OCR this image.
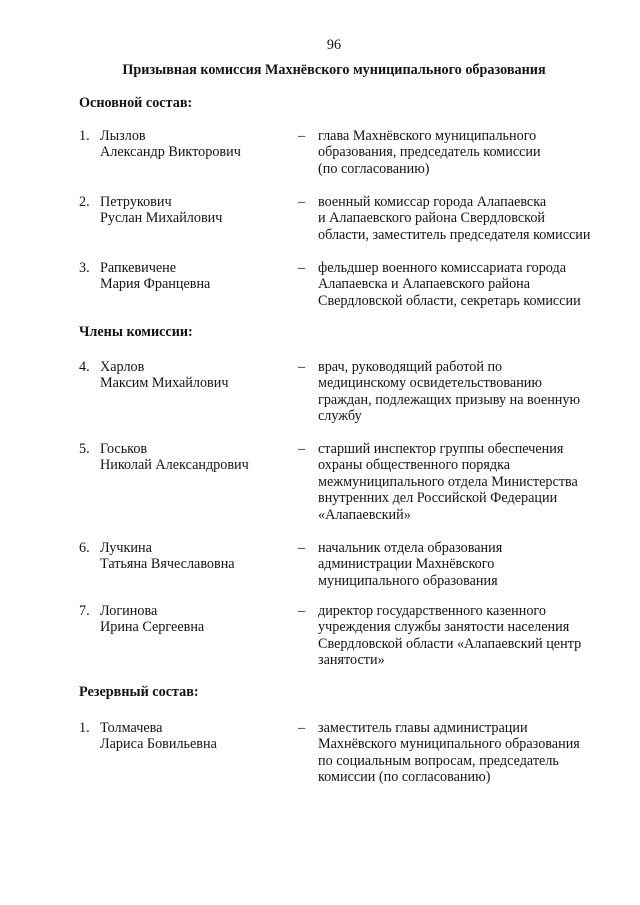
96
Призывная комиссия Махнёвского муниципального образования
Основной состав:
1. Лызлов
Александр Викторович
– глава Махнёвского муниципального
образования, председатель комиссии
(по согласованию)
2. Петрукович
Руслан Михайлович
– военный комиссар города Алапаевска
и Алапаевского района Свердловской
области, заместитель председателя комиссии
3. Рапкевичене
Мария Францевна
– фельдшер военного комиссариата города
Алапаевска и Алапаевского района
Свердловской области, секретарь комиссии
Члены комиссии:
4. Харлов
Максим Михайлович
– врач, руководящий работой по
медицинскому освидетельствованию
граждан, подлежащих призыву на военную
службу
5. Госьков
Николай Александрович
– старший инспектор группы обеспечения
охраны общественного порядка
межмуниципального отдела Министерства
внутренних дел Российской Федерации
«Алапаевский»
6. Лучкина
Татьяна Вячеславовна
– начальник отдела образования
администрации Махнёвского
муниципального образования
7. Логинова
Ирина Сергеевна
– директор государственного казенного
учреждения службы занятости населения
Свердловской области «Алапаевский центр
занятости»
Резервный состав:
1. Толмачева
Лариса Бовильевна
– заместитель главы администрации
Махнёвского муниципального образования
по социальным вопросам, председатель
комиссии (по согласованию)
